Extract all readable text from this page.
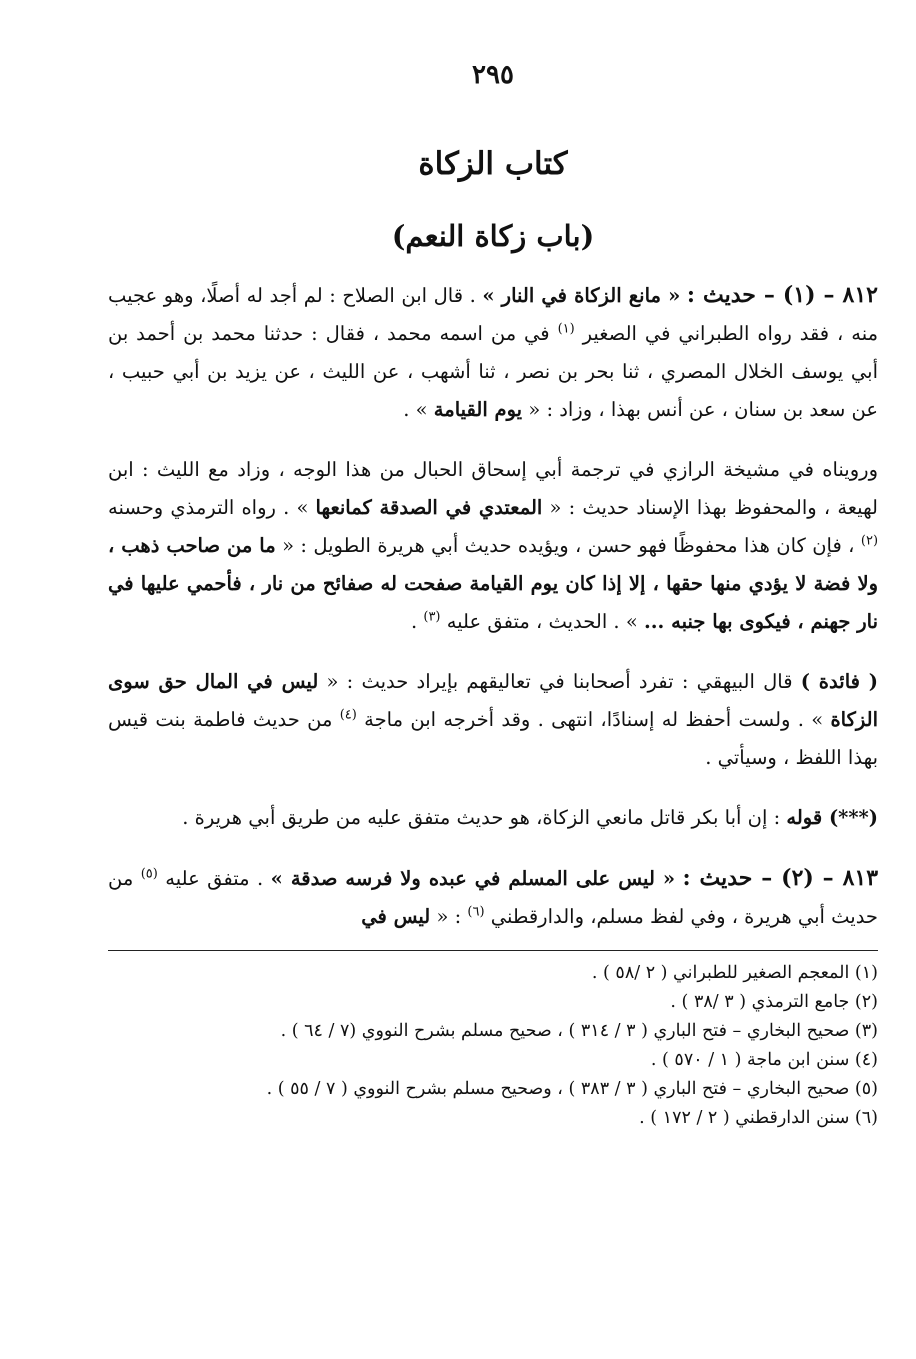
٢٩٥
كتاب الزكاة
(باب زكاة النعم)

٨١٢ – (١) – حديث : « مانع الزكاة في النار » . قال ابن الصلاح : لم أجد له أصلًا، وهو عجيب منه ، فقد رواه الطبراني في الصغير $^{(١)}$ في من اسمه محمد ، فقال : حدثنا محمد بن أحمد بن أبي يوسف الخلال المصري ، ثنا بحر بن نصر ، ثنا أشهب ، عن الليث ، عن يزيد بن أبي حبيب ، عن سعد بن سنان ، عن أنس بهذا ، وزاد : « يوم القيامة » .

ورويناه في مشيخة الرازي في ترجمة أبي إسحاق الحبال من هذا الوجه ، وزاد مع الليث : ابن لهيعة ، والمحفوظ بهذا الإسناد حديث : « المعتدي في الصدقة كمانعها » . رواه الترمذي وحسنه $^{(٢)}$ ، فإن كان هذا محفوظًا فهو حسن ، ويؤيده حديث أبي هريرة الطويل : « ما من صاحب ذهب ، ولا فضة لا يؤدي منها حقها ، إلا إذا كان يوم القيامة صفحت له صفائح من نار ، فأحمي عليها في نار جهنم ، فيكوى بها جنبه ... » . الحديث ، متفق عليه $^{(٣)}$ .

( فائدة ) قال البيهقي : تفرد أصحابنا في تعاليقهم بإيراد حديث : « ليس في المال حق سوى الزكاة » . ولست أحفظ له إسنادًا، انتهى . وقد أخرجه ابن ماجة $^{(٤)}$ من حديث فاطمة بنت قيس بهذا اللفظ ، وسيأتي .

(***) قوله : إن أبا بكر قاتل مانعي الزكاة، هو حديث متفق عليه من طريق أبي هريرة .

٨١٣ – (٢) – حديث : « ليس على المسلم في عبده ولا فرسه صدقة » . متفق عليه $^{(٥)}$ من حديث أبي هريرة ، وفي لفظ مسلم، والدارقطني $^{(٦)}$ : « ليس في

(١) المعجم الصغير للطبراني ( ٢ /٥٨ ) .
(٢) جامع الترمذي ( ٣ /٣٨ ) .
(٣) صحيح البخاري – فتح الباري ( ٣ / ٣١٤ ) ، صحيح مسلم بشرح النووي (٧ / ٦٤ ) .
(٤) سنن ابن ماجة ( ١ / ٥٧٠ ) .
(٥) صحيح البخاري – فتح الباري ( ٣ / ٣٨٣ ) ، وصحيح مسلم بشرح النووي ( ٧ / ٥٥ ) .
(٦) سنن الدارقطني ( ٢ / ١٧٢ ) .
